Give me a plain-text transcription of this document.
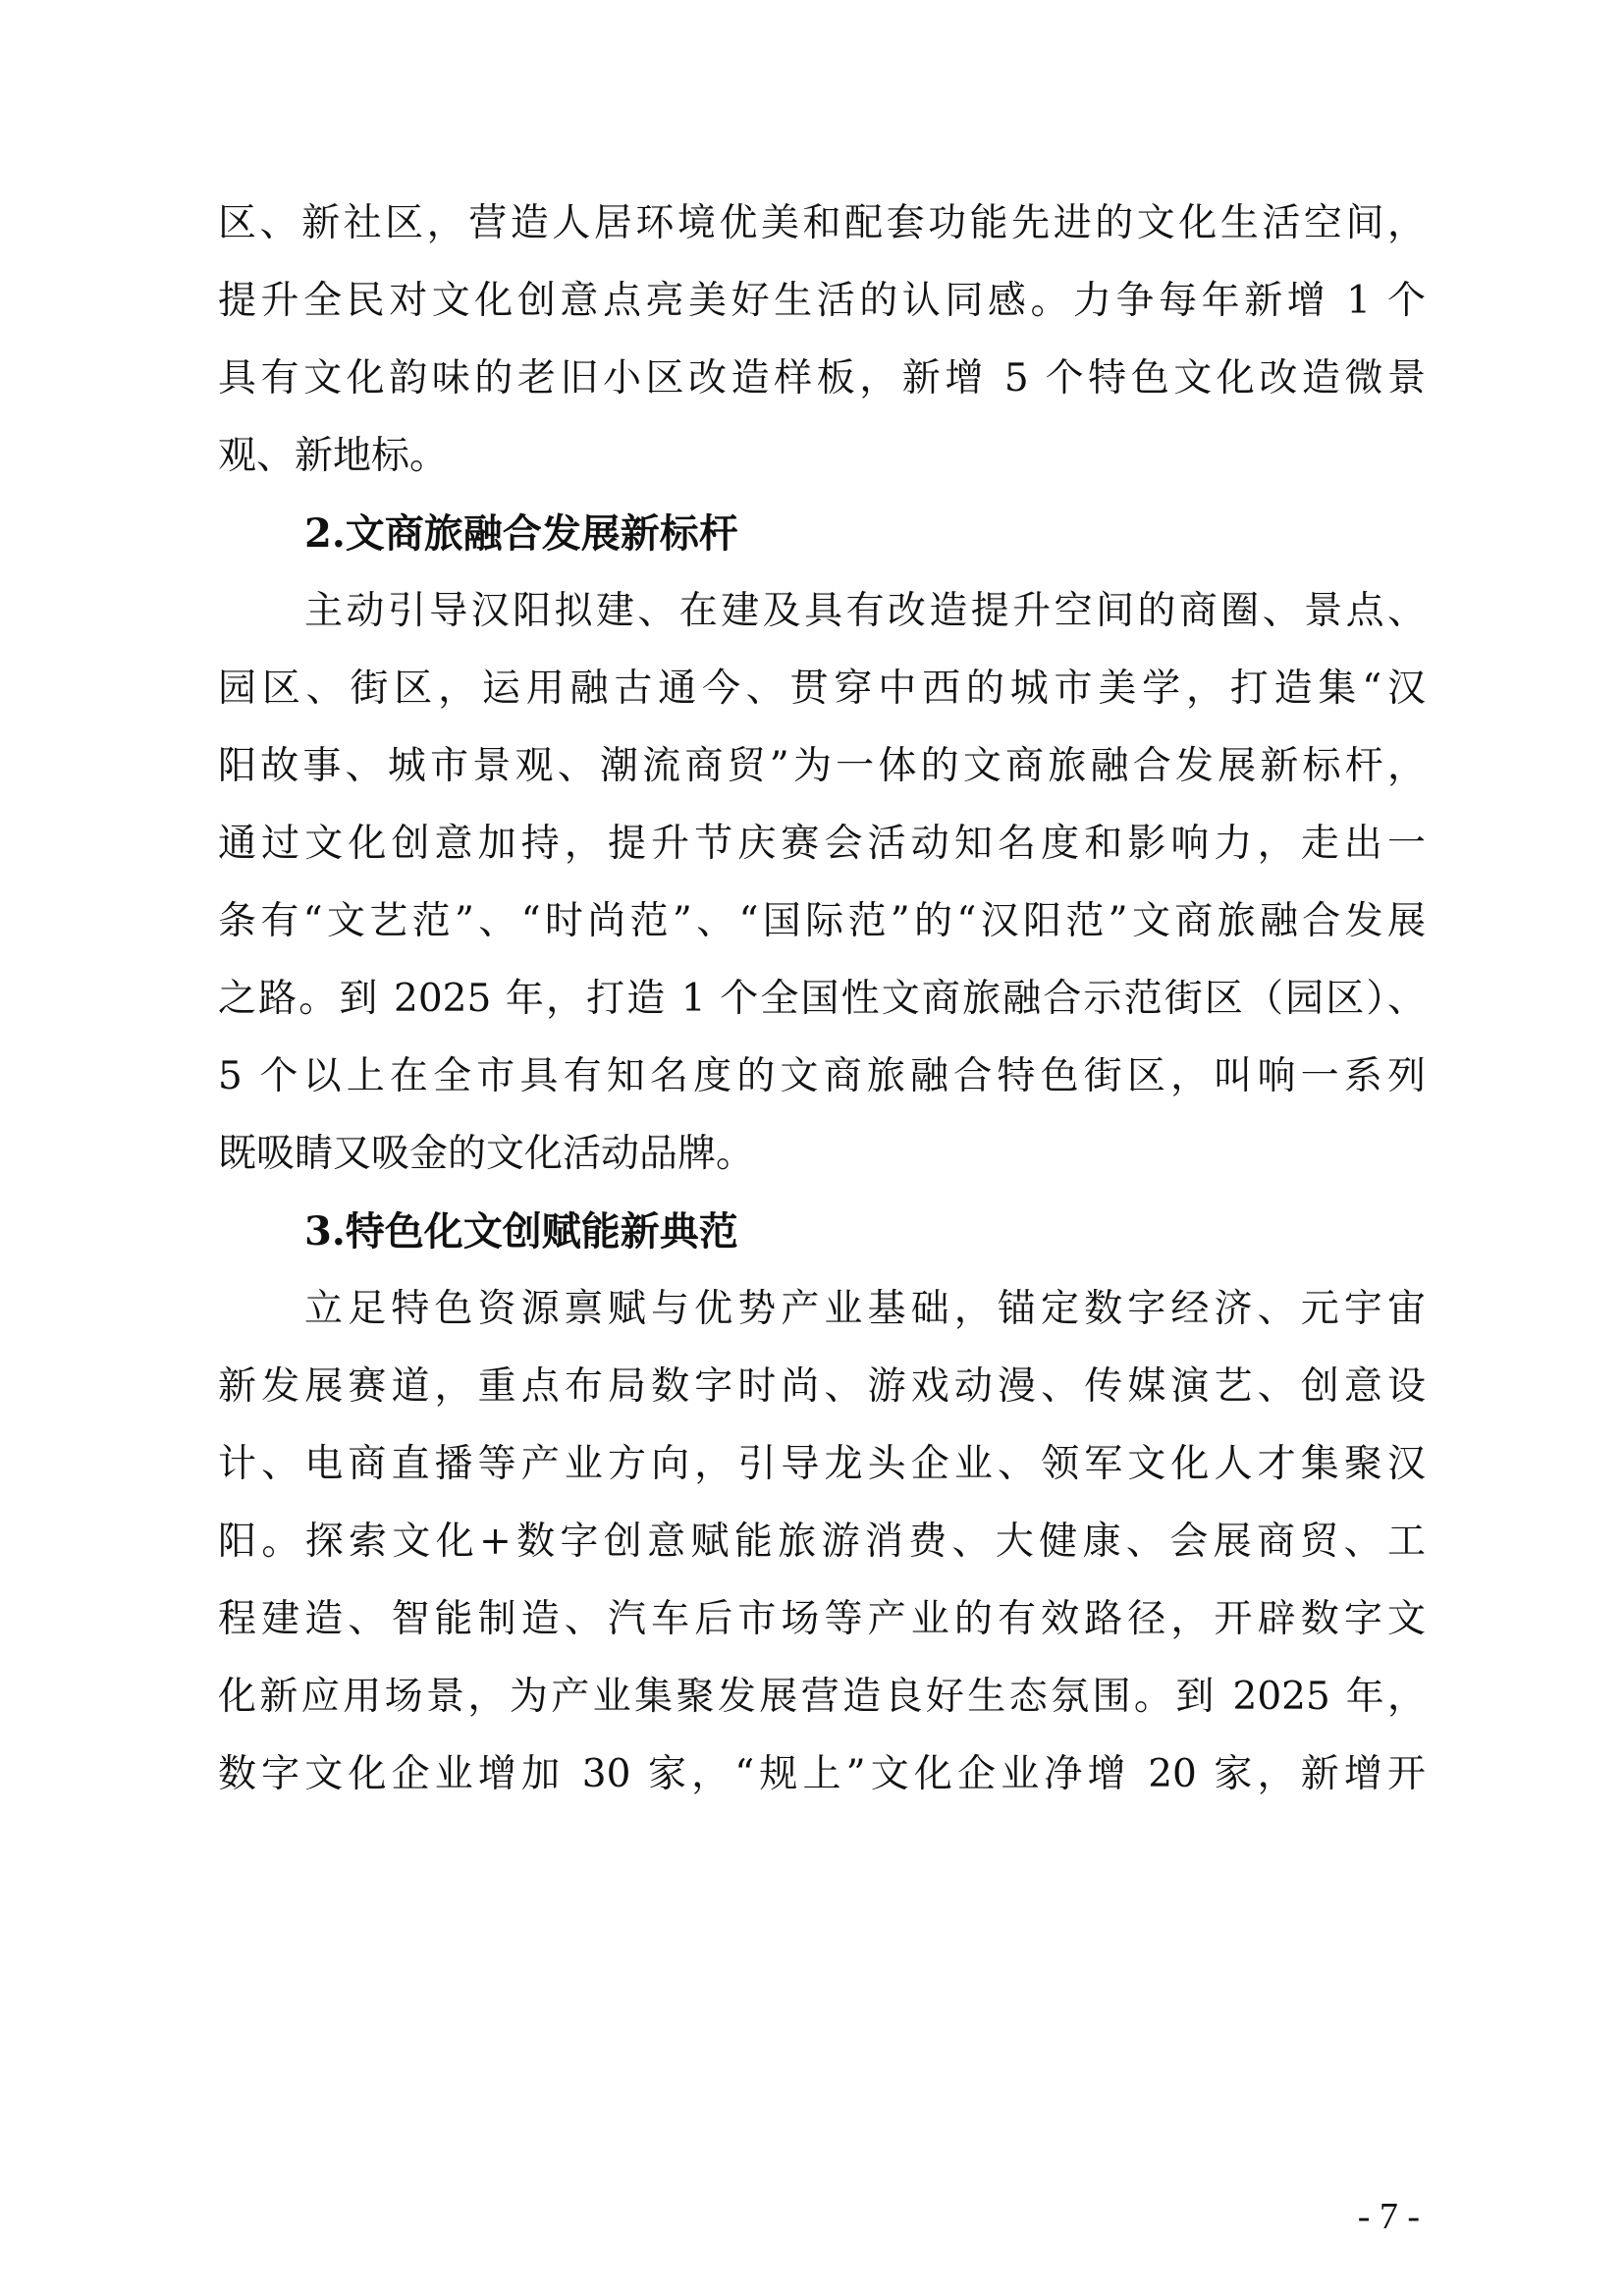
区、新社区，营造人居环境优美和配套功能先进的文化生活空间，
提升全民对文化创意点亮美好生活的认同感。力争每年新增 1 个
具有文化韵味的老旧小区改造样板，新增 5 个特色文化改造微景
观、新地标。
2.文商旅融合发展新标杆
主动引导汉阳拟建、在建及具有改造提升空间的商圈、景点、
园区、街区，运用融古通今、贯穿中西的城市美学，打造集“汉
阳故事、城市景观、潮流商贸”为一体的文商旅融合发展新标杆，
通过文化创意加持，提升节庆赛会活动知名度和影响力，走出一
条有“文艺范”、“时尚范”、“国际范”的“汉阳范”文商旅融合发展
之路。到 2025 年，打造 1 个全国性文商旅融合示范街区（园区）、
5 个以上在全市具有知名度的文商旅融合特色街区，叫响一系列
既吸睛又吸金的文化活动品牌。
3.特色化文创赋能新典范
立足特色资源禀赋与优势产业基础，锚定数字经济、元宇宙
新发展赛道，重点布局数字时尚、游戏动漫、传媒演艺、创意设
计、电商直播等产业方向，引导龙头企业、领军文化人才集聚汉
阳。探索文化+数字创意赋能旅游消费、大健康、会展商贸、工
程建造、智能制造、汽车后市场等产业的有效路径，开辟数字文
化新应用场景，为产业集聚发展营造良好生态氛围。到 2025 年，
数字文化企业增加 30 家，“规上”文化企业净增 20 家，新增开
- 7 -
